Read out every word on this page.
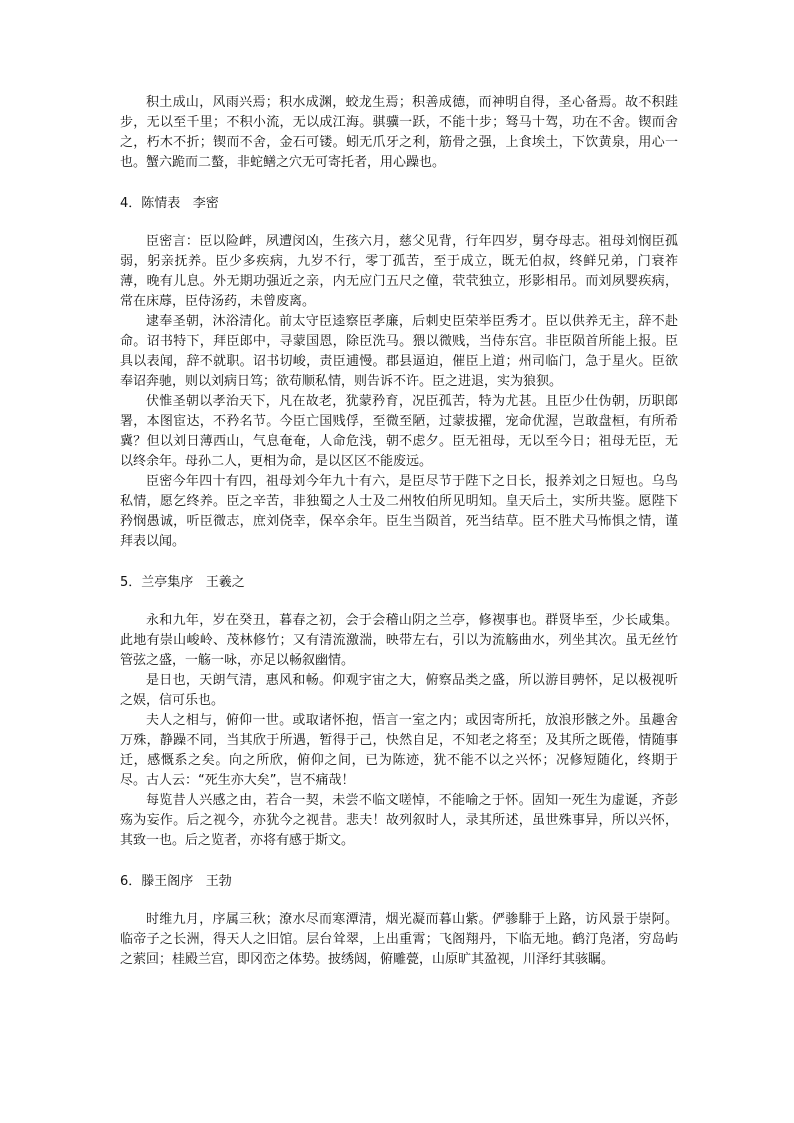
积土成山，风雨兴焉；积水成渊，蛟龙生焉；积善成德，而神明自得，圣心备焉。故不积跬步，无以至千里；不积小流，无以成江海。骐骥一跃，不能十步；驽马十驾，功在不舍。锲而舍之，朽木不折；锲而不舍，金石可镂。蚓无爪牙之利，筋骨之强，上食埃土，下饮黄泉，用心一也。蟹六跪而二螯，非蛇鳝之穴无可寄托者，用心躁也。

4．陈情表 李密

臣密言：臣以险衅，夙遭闵凶，生孩六月，慈父见背，行年四岁，舅夺母志。祖母刘悯臣孤弱，躬亲抚养。臣少多疾病，九岁不行，零丁孤苦，至于成立，既无伯叔，终鲜兄弟，门衰祚薄，晚有儿息。外无期功强近之亲，内无应门五尺之僮，茕茕独立，形影相吊。而刘夙婴疾病，常在床蓐，臣侍汤药，未曾废离。

逮奉圣朝，沐浴清化。前太守臣逵察臣孝廉，后刺史臣荣举臣秀才。臣以供养无主，辞不赴命。诏书特下，拜臣郎中，寻蒙国恩，除臣洗马。猥以微贱，当侍东宫。非臣陨首所能上报。臣具以表闻，辞不就职。诏书切峻，责臣逋慢。郡县逼迫，催臣上道；州司临门，急于星火。臣欲奉诏奔驰，则以刘病日笃；欲苟顺私情，则告诉不许。臣之进退，实为狼狈。

伏惟圣朝以孝治天下，凡在故老，犹蒙矜育，况臣孤苦，特为尤甚。且臣少仕伪朝，历职郎署，本图宦达，不矜名节。今臣亡国贱俘，至微至陋，过蒙拔擢，宠命优渥，岂敢盘桓，有所希冀？但以刘日薄西山，气息奄奄，人命危浅，朝不虑夕。臣无祖母，无以至今日；祖母无臣，无以终余年。母孙二人，更相为命，是以区区不能废远。

臣密今年四十有四，祖母刘今年九十有六，是臣尽节于陛下之日长，报养刘之日短也。乌鸟私情，愿乞终养。臣之辛苦，非独蜀之人士及二州牧伯所见明知。皇天后土，实所共鉴。愿陛下矜悯愚诚，听臣微志，庶刘侥幸，保卒余年。臣生当陨首，死当结草。臣不胜犬马怖惧之情，谨拜表以闻。

5．兰亭集序 王羲之

永和九年，岁在癸丑，暮春之初，会于会稽山阴之兰亭，修禊事也。群贤毕至，少长咸集。此地有崇山峻岭、茂林修竹；又有清流激湍，映带左右，引以为流觞曲水，列坐其次。虽无丝竹管弦之盛，一觞一咏，亦足以畅叙幽情。

是日也，天朗气清，惠风和畅。仰观宇宙之大，俯察品类之盛，所以游目骋怀，足以极视听之娱，信可乐也。

夫人之相与，俯仰一世。或取诸怀抱，悟言一室之内；或因寄所托，放浪形骸之外。虽趣舍万殊，静躁不同，当其欣于所遇，暂得于己，快然自足，不知老之将至；及其所之既倦，情随事迁，感慨系之矣。向之所欣，俯仰之间，已为陈迹，犹不能不以之兴怀；况修短随化，终期于尽。古人云：“死生亦大矣”，岂不痛哉！

每览昔人兴感之由，若合一契，未尝不临文嗟悼，不能喻之于怀。固知一死生为虚诞，齐彭殇为妄作。后之视今，亦犹今之视昔。悲夫！故列叙时人，录其所述，虽世殊事异，所以兴怀，其致一也。后之览者，亦将有感于斯文。

6．滕王阁序 王勃

时维九月，序属三秋；潦水尽而寒潭清，烟光凝而暮山紫。俨骖騑于上路，访风景于崇阿。临帝子之长洲，得天人之旧馆。层台耸翠，上出重霄；飞阁翔丹，下临无地。鹤汀凫渚，穷岛屿之萦回；桂殿兰宫，即冈峦之体势。披绣闼，俯雕甍，山原旷其盈视，川泽纡其骇瞩。
